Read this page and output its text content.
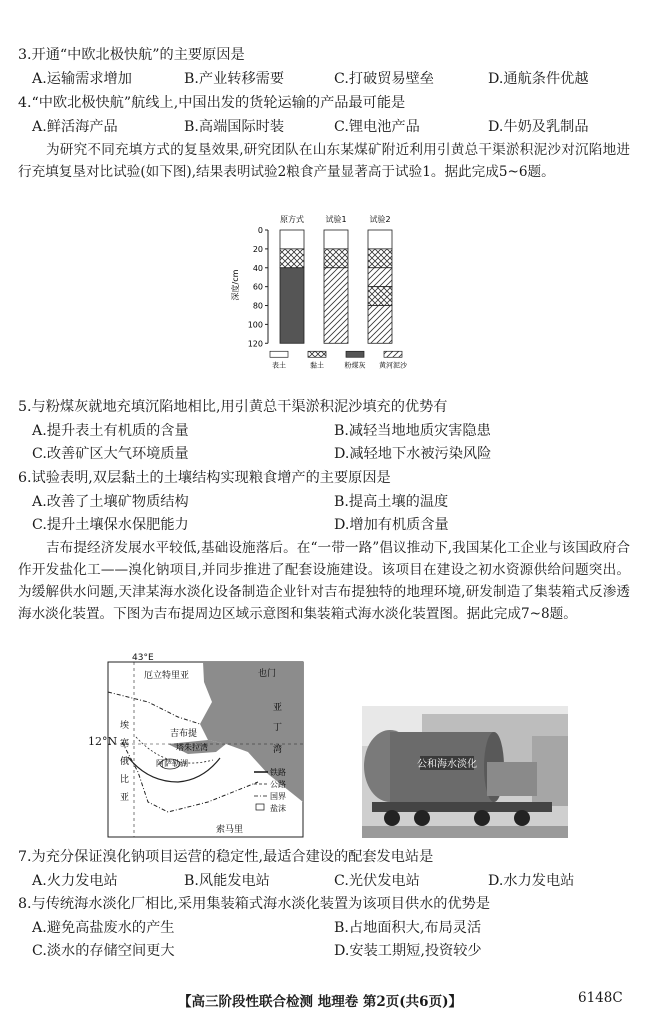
3.开通“中欧北极快航”的主要原因是
A.运输需求增加	B.产业转移需要	C.打破贸易壁垒	D.通航条件优越
4.“中欧北极快航”航线上,中国出发的货轮运输的产品最可能是
A.鲜活海产品	B.高端国际时装	C.锂电池产品	D.牛奶及乳制品
为研究不同充填方式的复垦效果,研究团队在山东某煤矿附近利用引黄总干渠淤积泥沙对沉陷地进行充填复垦对比试验(如下图),结果表明试验2粮食产量显著高于试验1。据此完成5~6题。
0
20
40
60
80
100
120
深度/cm
原方式	试验1	试验2
表土	黏土	粉煤灰 黄河泥沙
5.与粉煤灰就地充填沉陷地相比,用引黄总干渠淤积泥沙填充的优势有
A.提升表土有机质的含量	B.减轻当地地质灾害隐患
C.改善矿区大气环境质量	D.减轻地下水被污染风险
6.试验表明,双层黏土的土壤结构实现粮食增产的主要原因是
A.改善了土壤矿物质结构	B.提高土壤的温度
C.提升土壤保水保肥能力	D.增加有机质含量
吉布提经济发展水平较低,基础设施落后。在“一带一路”倡议推动下,我国某化工企业与该国政府合作开发盐化工——溴化钠项目,并同步推进了配套设施建设。该项目在建设之初水资源供给问题突出。为缓解供水问题,天津某海水淡化设备制造企业针对吉布提独特的地理环境,研发制造了集装箱式反渗透海水淡化装置。下图为吉布提周边区域示意图和集装箱式海水淡化装置图。据此完成7~8题。
43°E
厄立特里亚	也门
亚
丁
湾
吉布提
阿萨勒湖
塔朱拉湾
埃
塞
俄
比
亚
索马里
铁路
公路
国界
盐沫
12°N
公和海水淡化
7.为充分保证溴化钠项目运营的稳定性,最适合建设的配套发电站是
A.火力发电站	B.风能发电站	C.光伏发电站	D.水力发电站
8.与传统海水淡化厂相比,采用集装箱式海水淡化装置为该项目供水的优势是
A.避免高盐废水的产生	B.占地面积大,布局灵活
C.淡水的存储空间更大	D.安装工期短,投资较少
【高三阶段性联合检测 地理卷 第2页(共6页)】	6148C
